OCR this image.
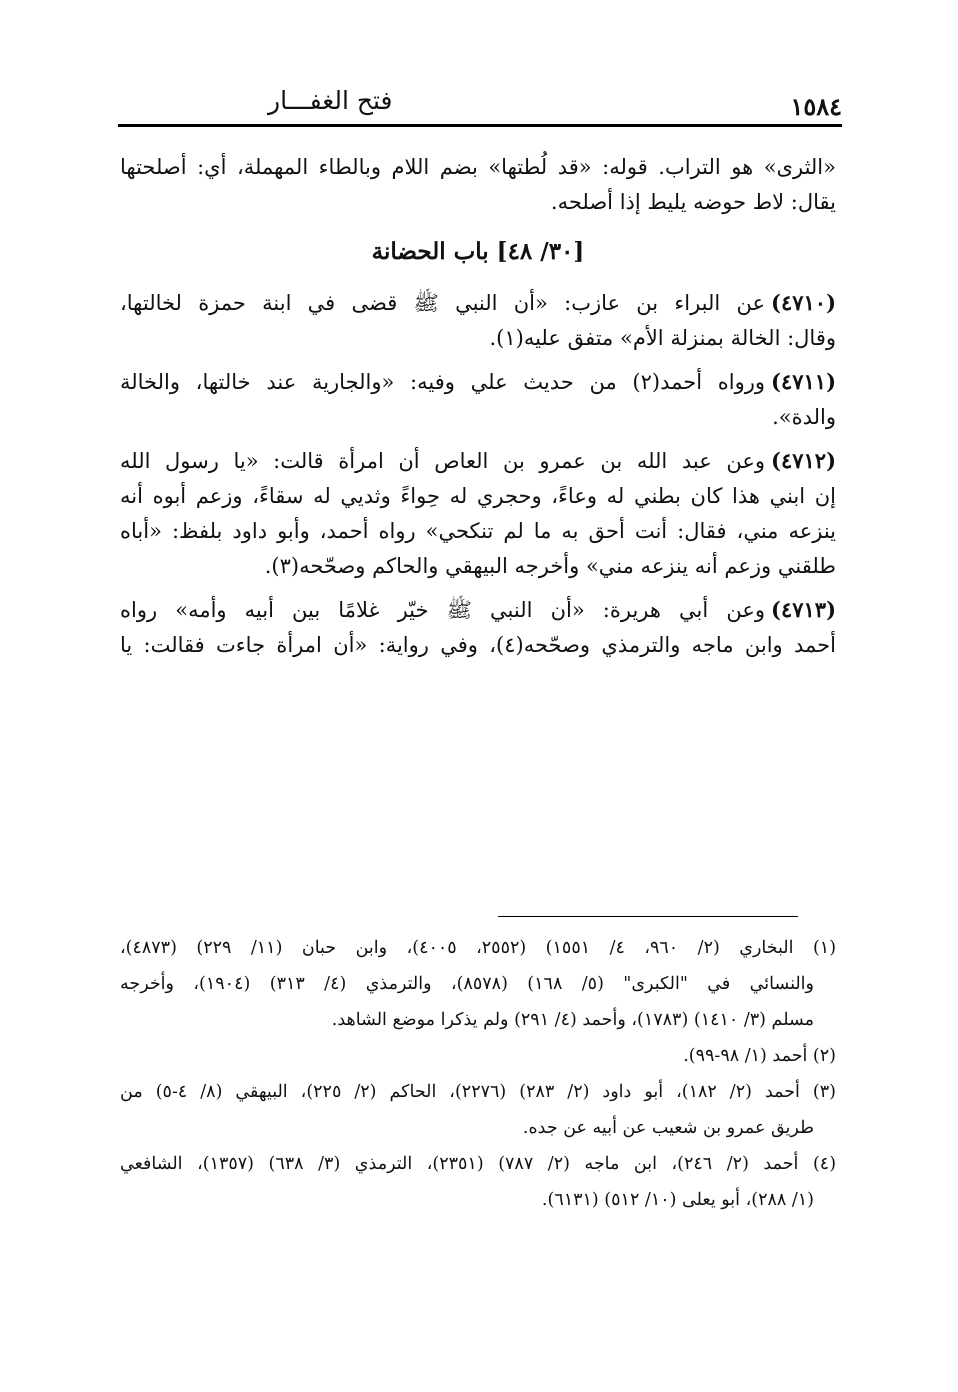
١٥٨٤
فتح الغفـــار
«الثرى» هو التراب. قوله: «قد لُطتها» بضم اللام وبالطاء المهملة، أي: أصلحتها
يقال: لاط حوضه يليط إذا أصلحه.
[٣٠/ ٤٨] باب الحضانة
(٤٧١٠)عن البراء بن عازب: «أن النبي ﷺ قضى في ابنة حمزة لخالتها،
وقال: الخالة بمنزلة الأم» متفق عليه(١).
(٤٧١١)ورواه أحمد(٢) من حديث علي وفيه: «والجارية عند خالتها، والخالة
والدة».
(٤٧١٢)وعن عبد الله بن عمرو بن العاص أن امرأة قالت: «يا رسول الله
إن ابني هذا كان بطني له وعاءً، وحجري له حِواءً وثديي له سقاءً، وزعم أبوه أنه
ينزعه مني، فقال: أنت أحق به ما لم تنكحي» رواه أحمد، وأبو داود بلفظ: «أباه
طلقني وزعم أنه ينزعه مني» وأخرجه البيهقي والحاكم وصحّحه(٣).
(٤٧١٣)وعن أبي هريرة: «أن النبي ﷺ خيّر غلامًا بين أبيه وأمه» رواه
أحمد وابن ماجه والترمذي وصحّحه(٤)، وفي رواية: «أن امرأة جاءت فقالت: يا
(١) البخاري (٢/ ٩٦٠، ٤/ ١٥٥١) (٢٥٥٢، ٤٠٠٥)، وابن حبان (١١/ ٢٢٩) (٤٨٧٣)،
والنسائي في "الكبرى" (٥/ ١٦٨) (٨٥٧٨)، والترمذي (٤/ ٣١٣) (١٩٠٤)، وأخرجه
مسلم (٣/ ١٤١٠) (١٧٨٣)، وأحمد (٤/ ٢٩١) ولم يذكرا موضع الشاهد.
(٢) أحمد (١/ ٩٨-٩٩).
(٣) أحمد (٢/ ١٨٢)، أبو داود (٢/ ٢٨٣) (٢٢٧٦)، الحاكم (٢/ ٢٢٥)، البيهقي (٨/ ٤-٥) من
طريق عمرو بن شعيب عن أبيه عن جده.
(٤) أحمد (٢/ ٢٤٦)، ابن ماجه (٢/ ٧٨٧) (٢٣٥١)، الترمذي (٣/ ٦٣٨) (١٣٥٧)، الشافعي
(١/ ٢٨٨)، أبو يعلى (١٠/ ٥١٢) (٦١٣١).
